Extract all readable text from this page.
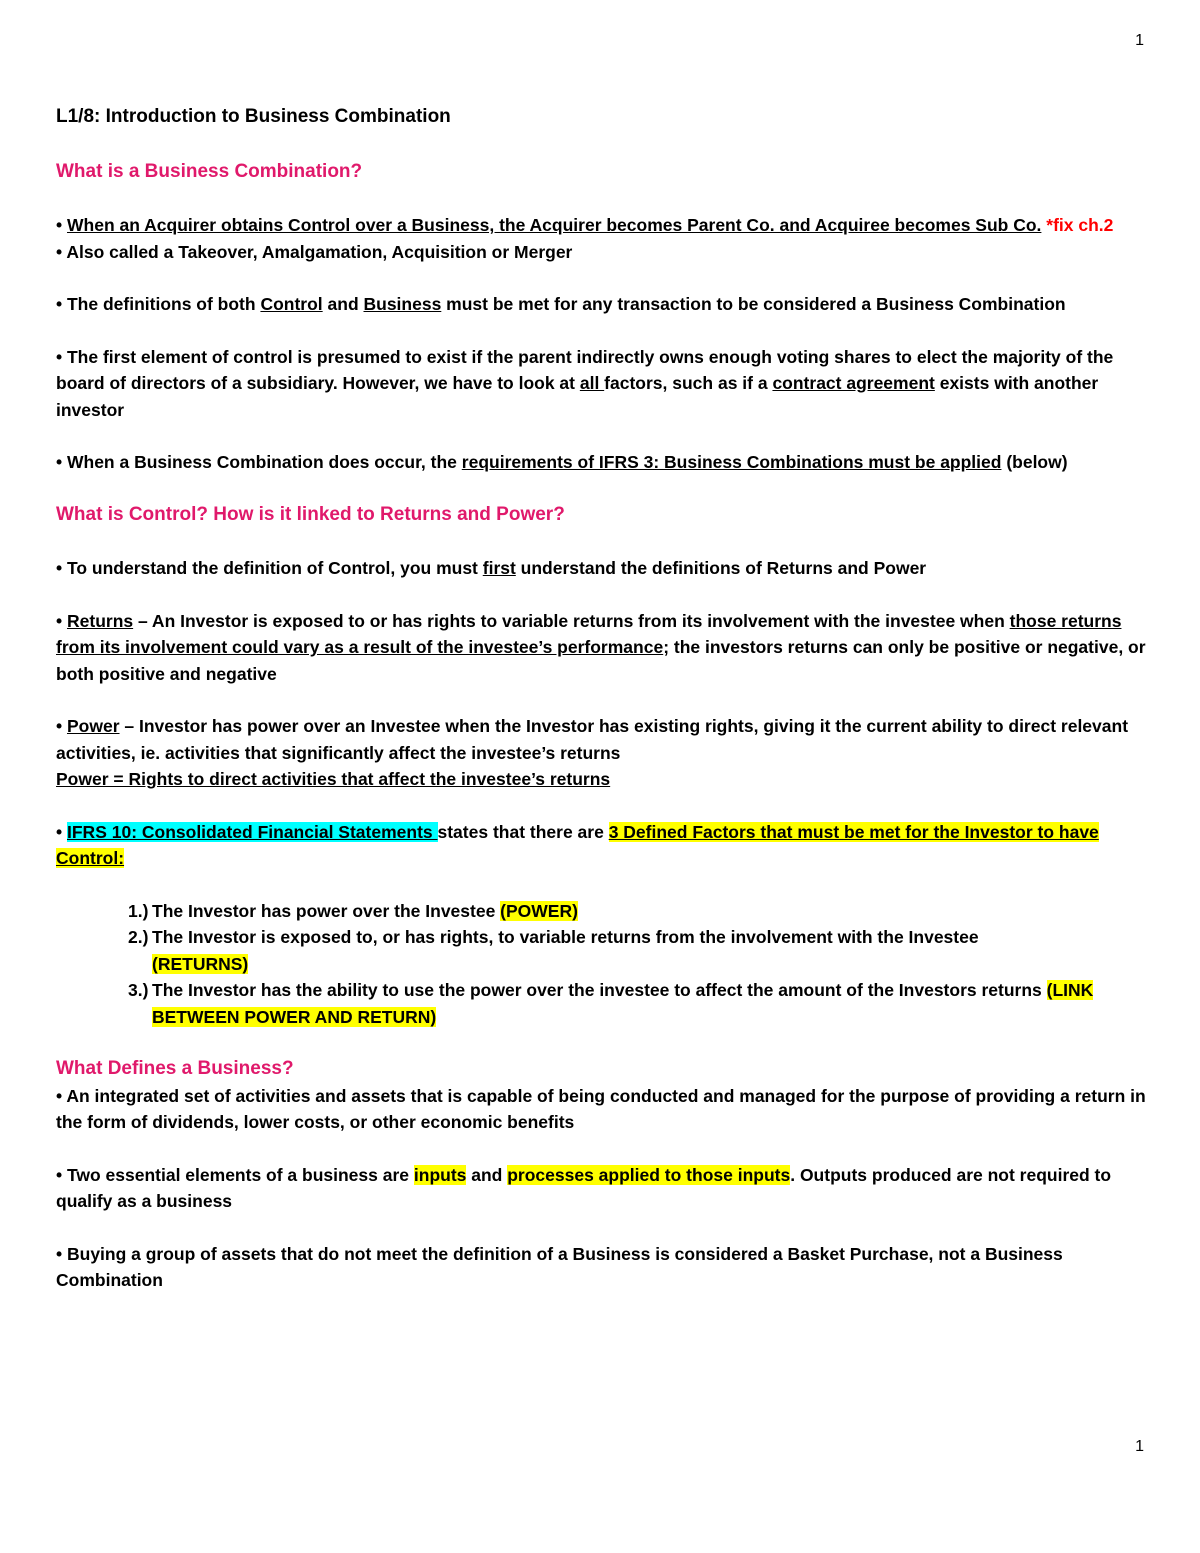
1
L1/8: Introduction to Business Combination
What is a Business Combination?
• When an Acquirer obtains Control over a Business, the Acquirer becomes Parent Co. and Acquiree becomes Sub Co. *fix ch.2
• Also called a Takeover, Amalgamation, Acquisition or Merger
• The definitions of both Control and Business must be met for any transaction to be considered a Business Combination
• The first element of control is presumed to exist if the parent indirectly owns enough voting shares to elect the majority of the board of directors of a subsidiary. However, we have to look at all factors, such as if a contract agreement exists with another investor
• When a Business Combination does occur, the requirements of IFRS 3: Business Combinations must be applied (below)
What is Control? How is it linked to Returns and Power?
• To understand the definition of Control, you must first understand the definitions of Returns and Power
• Returns – An Investor is exposed to or has rights to variable returns from its involvement with the investee when those returns from its involvement could vary as a result of the investee’s performance; the investors returns can only be positive or negative, or both positive and negative
• Power – Investor has power over an Investee when the Investor has existing rights, giving it the current ability to direct relevant activities, ie. activities that significantly affect the investee’s returns
Power = Rights to direct activities that affect the investee’s returns
• IFRS 10: Consolidated Financial Statements states that there are 3 Defined Factors that must be met for the Investor to have Control:
1.) The Investor has power over the Investee (POWER)
2.) The Investor is exposed to, or has rights, to variable returns from the involvement with the Investee
(RETURNS)
3.) The Investor has the ability to use the power over the investee to affect the amount of the Investors returns (LINK BETWEEN POWER AND RETURN)
What Defines a Business?
• An integrated set of activities and assets that is capable of being conducted and managed for the purpose of providing a return in the form of dividends, lower costs, or other economic benefits
• Two essential elements of a business are inputs and processes applied to those inputs. Outputs produced are not required to qualify as a business
• Buying a group of assets that do not meet the definition of a Business is considered a Basket Purchase, not a Business Combination
1
